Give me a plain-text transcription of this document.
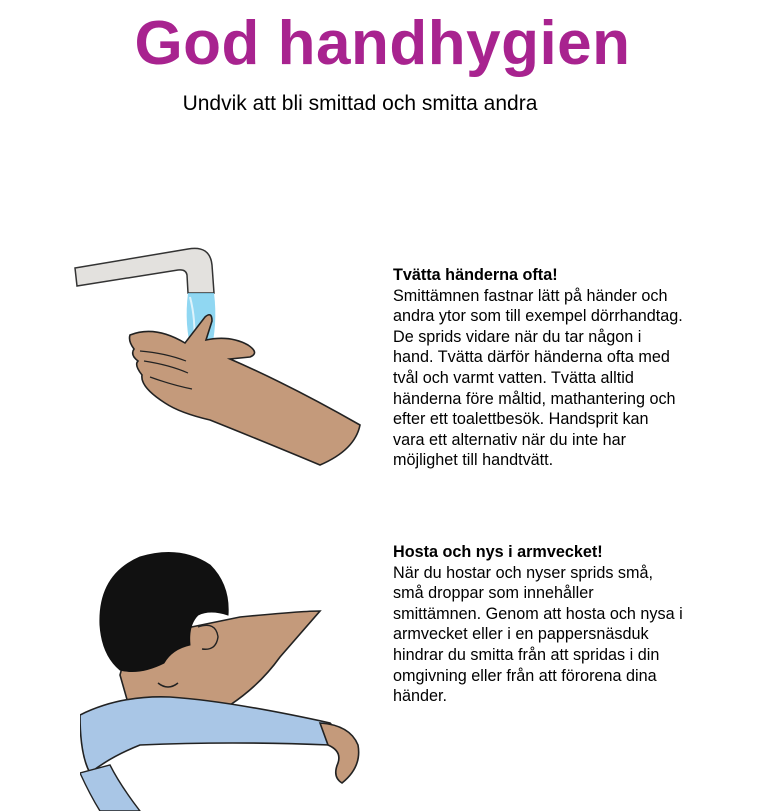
God handhygien

Undvik att bli smittad och smitta andra

Tvätta händerna ofta!

Smittämnen fastnar lätt på händer och andra ytor som till exempel dörrhandtag. De sprids vidare när du tar någon i hand. Tvätta därför händerna ofta med tvål och varmt vatten. Tvätta alltid händerna före måltid, mathantering och efter ett toalettbesök. Handsprit kan vara ett alternativ när du inte har möjlighet till handtvätt.

Hosta och nys i armvecket!

När du hostar och nyser sprids små, små droppar som innehåller smittämnen. Genom att hosta och nysa i armvecket eller i en pappersnäsduk hindrar du smitta från att spridas i din omgivning eller från att förorena dina händer.
